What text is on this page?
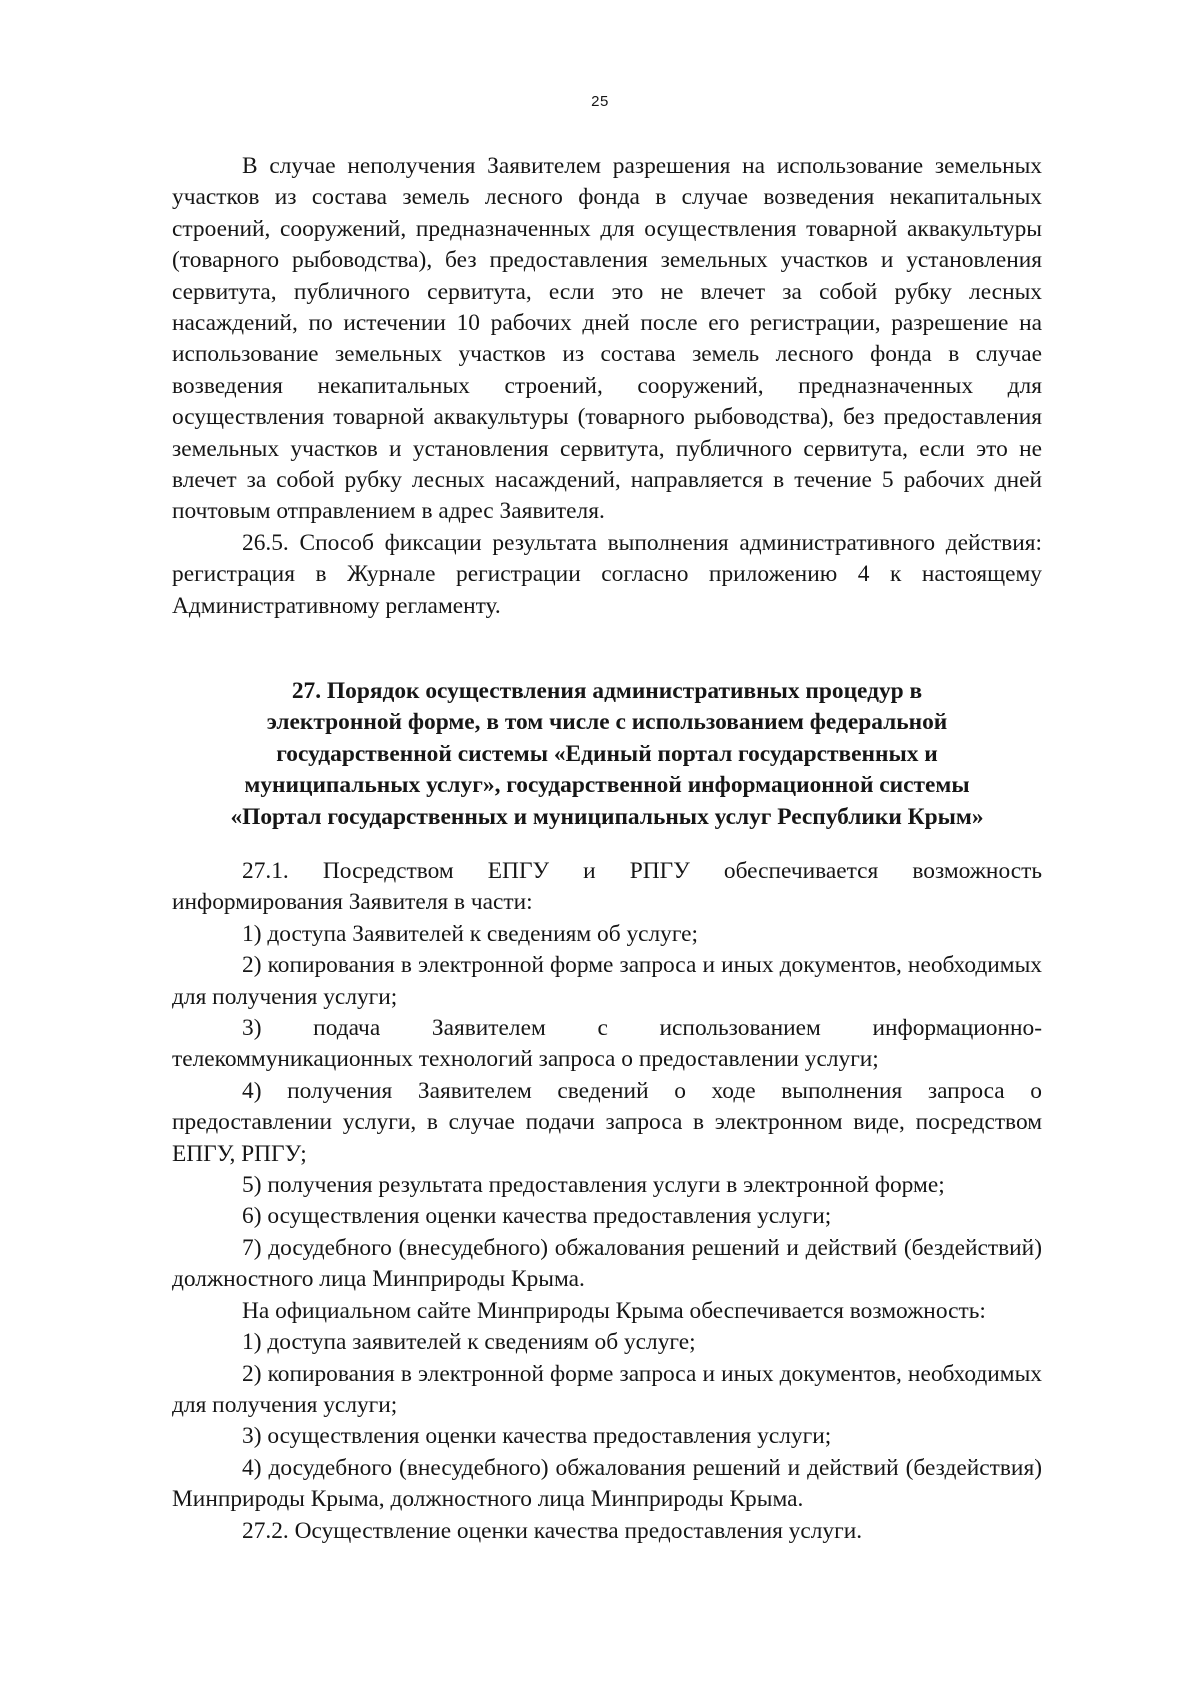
25

В случае неполучения Заявителем разрешения на использование земельных участков из состава земель лесного фонда в случае возведения некапитальных строений, сооружений, предназначенных для осуществления товарной аквакультуры (товарного рыбоводства), без предоставления земельных участков и установления сервитута, публичного сервитута, если это не влечет за собой рубку лесных насаждений, по истечении 10 рабочих дней после его регистрации, разрешение на использование земельных участков из состава земель лесного фонда в случае возведения некапитальных строений, сооружений, предназначенных для осуществления товарной аквакультуры (товарного рыбоводства), без предоставления земельных участков и установления сервитута, публичного сервитута, если это не влечет за собой рубку лесных насаждений, направляется в течение 5 рабочих дней почтовым отправлением в адрес Заявителя.

26.5. Способ фиксации результата выполнения административного действия: регистрация в Журнале регистрации согласно приложению 4 к настоящему Административному регламенту.

27. Порядок осуществления административных процедур в
электронной форме, в том числе с использованием федеральной
государственной системы «Единый портал государственных и
муниципальных услуг», государственной информационной системы
«Портал государственных и муниципальных услуг Республики Крым»

27.1. Посредством ЕПГУ и РПГУ обеспечивается возможность информирования Заявителя в части:

1) доступа Заявителей к сведениям об услуге;

2) копирования в электронной форме запроса и иных документов, необходимых для получения услуги;

3) подача Заявителем с использованием информационно-телекоммуникационных технологий запроса о предоставлении услуги;

4) получения Заявителем сведений о ходе выполнения запроса о предоставлении услуги, в случае подачи запроса в электронном виде, посредством ЕПГУ, РПГУ;

5) получения результата предоставления услуги в электронной форме;

6) осуществления оценки качества предоставления услуги;

7) досудебного (внесудебного) обжалования решений и действий (бездействий) должностного лица Минприроды Крыма.

На официальном сайте Минприроды Крыма обеспечивается возможность:

1) доступа заявителей к сведениям об услуге;

2) копирования в электронной форме запроса и иных документов, необходимых для получения услуги;

3) осуществления оценки качества предоставления услуги;

4) досудебного (внесудебного) обжалования решений и действий (бездействия) Минприроды Крыма, должностного лица Минприроды Крыма.

27.2. Осуществление оценки качества предоставления услуги.
